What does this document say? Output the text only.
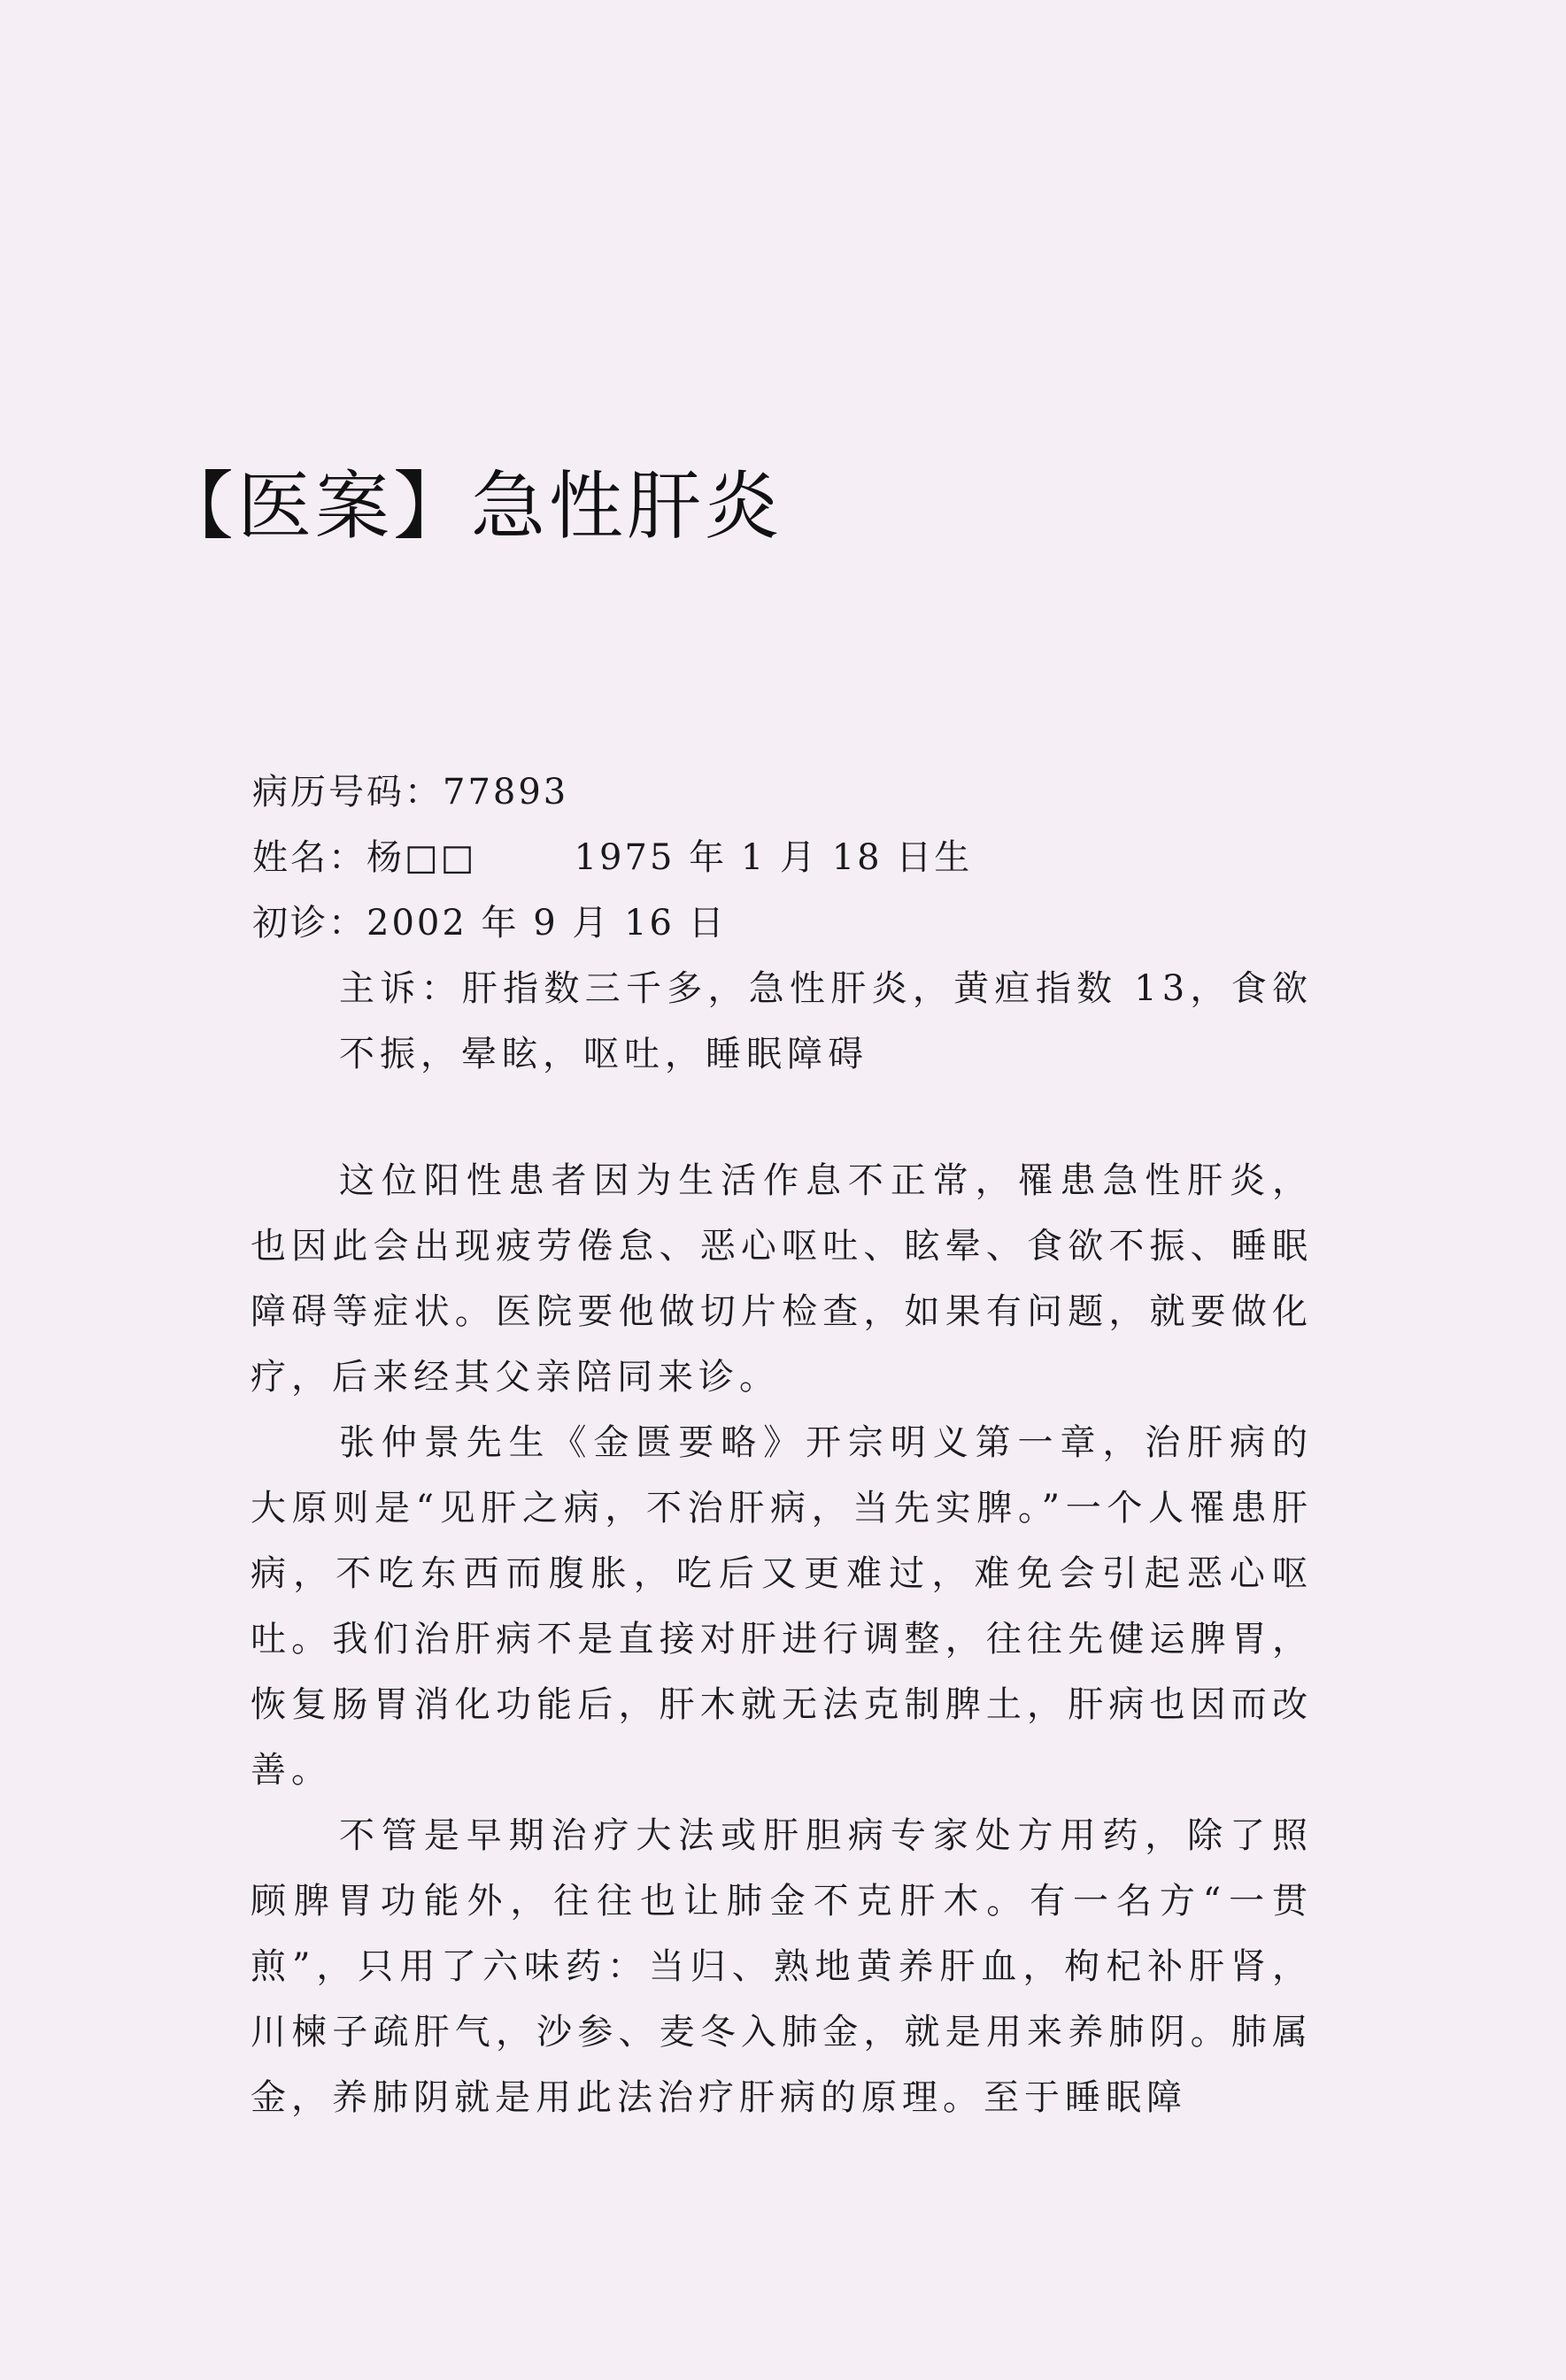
【医案】急性肝炎
病历号码：77893
姓名：杨□□	1975 年 1 月 18 日生
初诊：2002 年 9 月 16 日
主诉：肝指数三千多，急性肝炎，黄疸指数 13，食欲不振，晕眩，呕吐，睡眠障碍

这位阳性患者因为生活作息不正常，罹患急性肝炎，也因此会出现疲劳倦怠、恶心呕吐、眩晕、食欲不振、睡眠障碍等症状。医院要他做切片检查，如果有问题，就要做化疗，后来经其父亲陪同来诊。

张仲景先生《金匮要略》开宗明义第一章，治肝病的大原则是“见肝之病，不治肝病，当先实脾。”一个人罹患肝病，不吃东西而腹胀，吃后又更难过，难免会引起恶心呕吐。我们治肝病不是直接对肝进行调整，往往先健运脾胃，恢复肠胃消化功能后，肝木就无法克制脾土，肝病也因而改善。

不管是早期治疗大法或肝胆病专家处方用药，除了照顾脾胃功能外，往往也让肺金不克肝木。有一名方“一贯煎”，只用了六味药：当归、熟地黄养肝血，枸杞补肝肾，川楝子疏肝气，沙参、麦冬入肺金，就是用来养肺阴。肺属金，养肺阴就是用此法治疗肝病的原理。至于睡眠障
